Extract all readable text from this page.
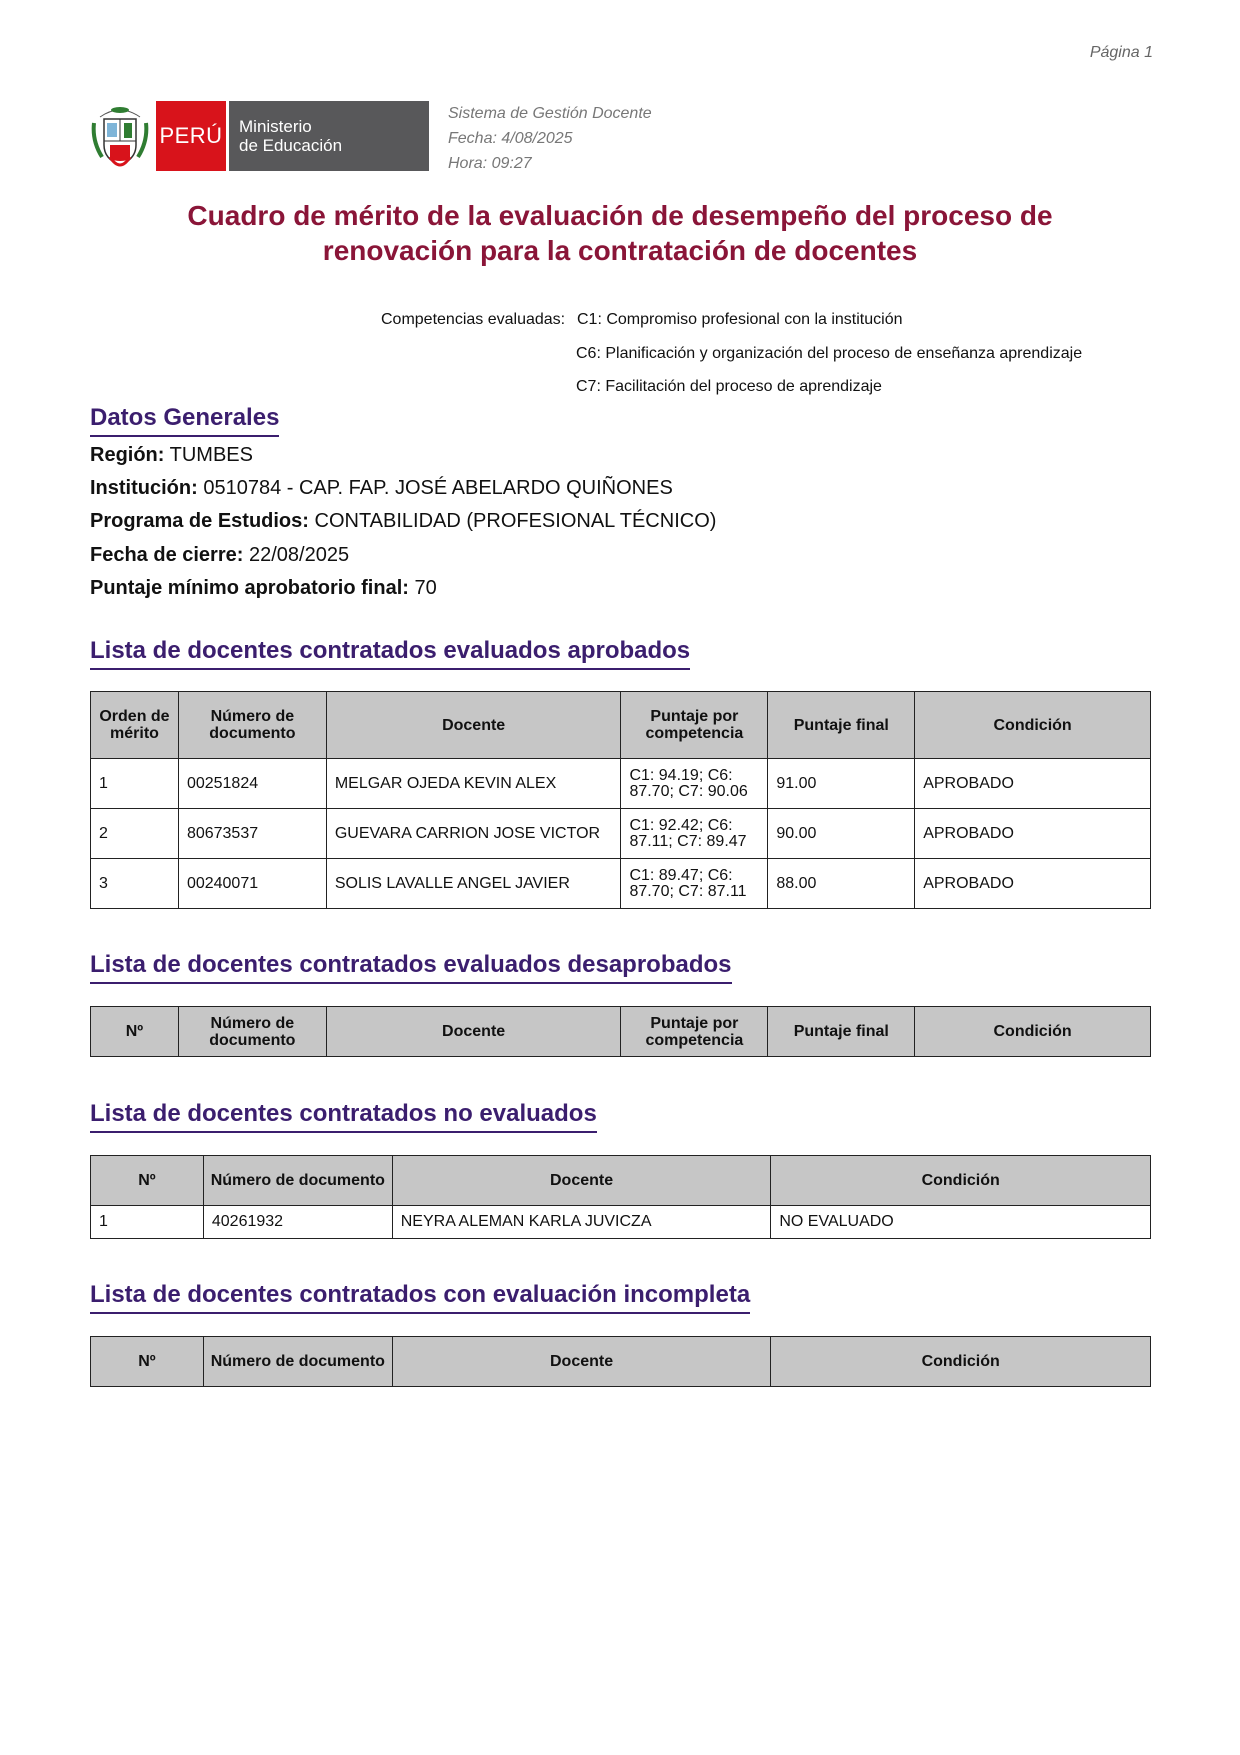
Página 1
PERÚ Ministerio
de Educación
Sistema de Gestión Docente
Fecha: 4/08/2025
Hora: 09:27
Cuadro de mérito de la evaluación de desempeño del proceso de
renovación para la contratación de docentes
Competencias evaluadas: C1: Compromiso profesional con la institución
C6: Planificación y organización del proceso de enseñanza aprendizaje
C7: Facilitación del proceso de aprendizaje
Datos Generales
Región: TUMBES
Institución: 0510784 - CAP. FAP. JOSÉ ABELARDO QUIÑONES
Programa de Estudios: CONTABILIDAD (PROFESIONAL TÉCNICO)
Fecha de cierre: 22/08/2025
Puntaje mínimo aprobatorio final: 70
Lista de docentes contratados evaluados aprobados
Orden de mérito	Número de documento	Docente	Puntaje por competencia	Puntaje final	Condición
1	00251824	MELGAR OJEDA KEVIN ALEX	C1: 94.19; C6: 87.70; C7: 90.06	91.00	APROBADO
2	80673537	GUEVARA CARRION JOSE VICTOR	C1: 92.42; C6: 87.11; C7: 89.47	90.00	APROBADO
3	00240071	SOLIS LAVALLE ANGEL JAVIER	C1: 89.47; C6: 87.70; C7: 87.11	88.00	APROBADO
Lista de docentes contratados evaluados desaprobados
Nº	Número de documento	Docente	Puntaje por competencia	Puntaje final	Condición
Lista de docentes contratados no evaluados
Nº	Número de documento	Docente	Condición
1	40261932	NEYRA ALEMAN KARLA JUVICZA	NO EVALUADO
Lista de docentes contratados con evaluación incompleta
Nº	Número de documento	Docente	Condición
